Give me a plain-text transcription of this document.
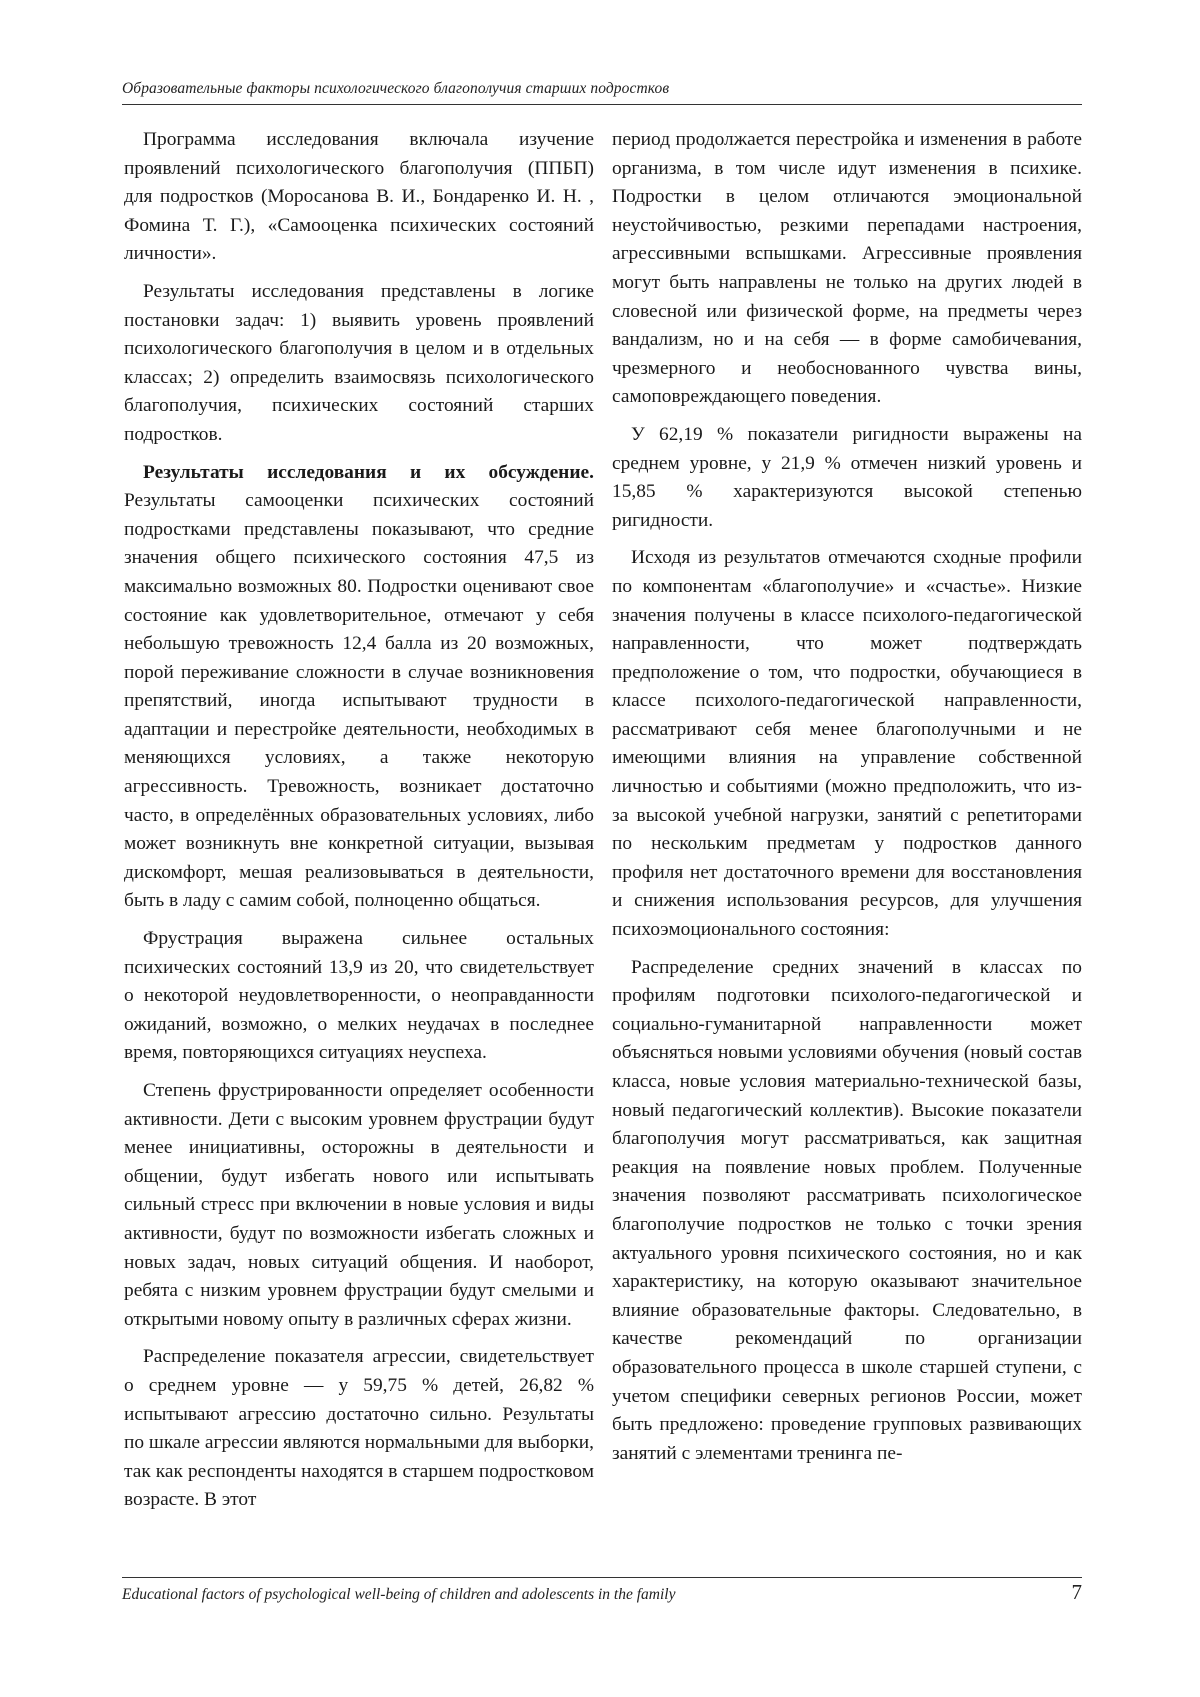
Образовательные факторы психологического благополучия старших подростков

Программа исследования включала изучение проявлений психологического благополучия (ППБП) для подростков (Моросанова В. И., Бондаренко И. Н. , Фомина Т. Г.), «Самооценка психических состояний личности».

Результаты исследования представлены в логике постановки задач: 1) выявить уровень проявлений психологического благополучия в целом и в отдельных классах; 2) определить взаимосвязь психологического благополучия, психических состояний старших подростков.

Результаты исследования и их обсуждение. Результаты самооценки психических состояний подростками представлены показывают, что средние значения общего психического состояния 47,5 из максимально возможных 80. Подростки оценивают свое состояние как удовлетворительное, отмечают у себя небольшую тревожность 12,4 балла из 20 возможных, порой переживание сложности в случае возникновения препятствий, иногда испытывают трудности в адаптации и перестройке деятельности, необходимых в меняющихся условиях, а также некоторую агрессивность. Тревожность, возникает достаточно часто, в определённых образовательных условиях, либо может возникнуть вне конкретной ситуации, вызывая дискомфорт, мешая реализовываться в деятельности, быть в ладу с самим собой, полноценно общаться.

Фрустрация выражена сильнее остальных психических состояний 13,9 из 20, что свидетельствует о некоторой неудовлетворенности, о неоправданности ожиданий, возможно, о мелких неудачах в последнее время, повторяющихся ситуациях неуспеха.

Степень фрустрированности определяет особенности активности. Дети с высоким уровнем фрустрации будут менее инициативны, осторожны в деятельности и общении, будут избегать нового или испытывать сильный стресс при включении в новые условия и виды активности, будут по возможности избегать сложных и новых задач, новых ситуаций общения. И наоборот, ребята с низким уровнем фрустрации будут смелыми и открытыми новому опыту в различных сферах жизни.

Распределение показателя агрессии, свидетельствует о среднем уровне — у 59,75 % детей, 26,82 % испытывают агрессию достаточно сильно. Результаты по шкале агрессии являются нормальными для выборки, так как респонденты находятся в старшем подростковом возрасте. В этот

период продолжается перестройка и изменения в работе организма, в том числе идут изменения в психике. Подростки в целом отличаются эмоциональной неустойчивостью, резкими перепадами настроения, агрессивными вспышками. Агрессивные проявления могут быть направлены не только на других людей в словесной или физической форме, на предметы через вандализм, но и на себя — в форме самобичевания, чрезмерного и необоснованного чувства вины, самоповреждающего поведения.

У 62,19 % показатели ригидности выражены на среднем уровне, у 21,9 % отмечен низкий уровень и 15,85 % характеризуются высокой степенью ригидности.

Исходя из результатов отмечаются сходные профили по компонентам «благополучие» и «счастье». Низкие значения получены в классе психолого-педагогической направленности, что может подтверждать предположение о том, что подростки, обучающиеся в классе психолого-педагогической направленности, рассматривают себя менее благополучными и не имеющими влияния на управление собственной личностью и событиями (можно предположить, что из-за высокой учебной нагрузки, занятий с репетиторами по нескольким предметам у подростков данного профиля нет достаточного времени для восстановления и снижения использования ресурсов, для улучшения психоэмоционального состояния:

Распределение средних значений в классах по профилям подготовки психолого-педагогической и социально-гуманитарной направленности может объясняться новыми условиями обучения (новый состав класса, новые условия материально-технической базы, новый педагогический коллектив). Высокие показатели благополучия могут рассматриваться, как защитная реакция на появление новых проблем. Полученные значения позволяют рассматривать психологическое благополучие подростков не только с точки зрения актуального уровня психического состояния, но и как характеристику, на которую оказывают значительное влияние образовательные факторы. Следовательно, в качестве рекомендаций по организации образовательного процесса в школе старшей ступени, с учетом специфики северных регионов России, может быть предложено: проведение групповых развивающих занятий с элементами тренинга пе-

Educational factors of psychological well-being of children and adolescents in the family	7
